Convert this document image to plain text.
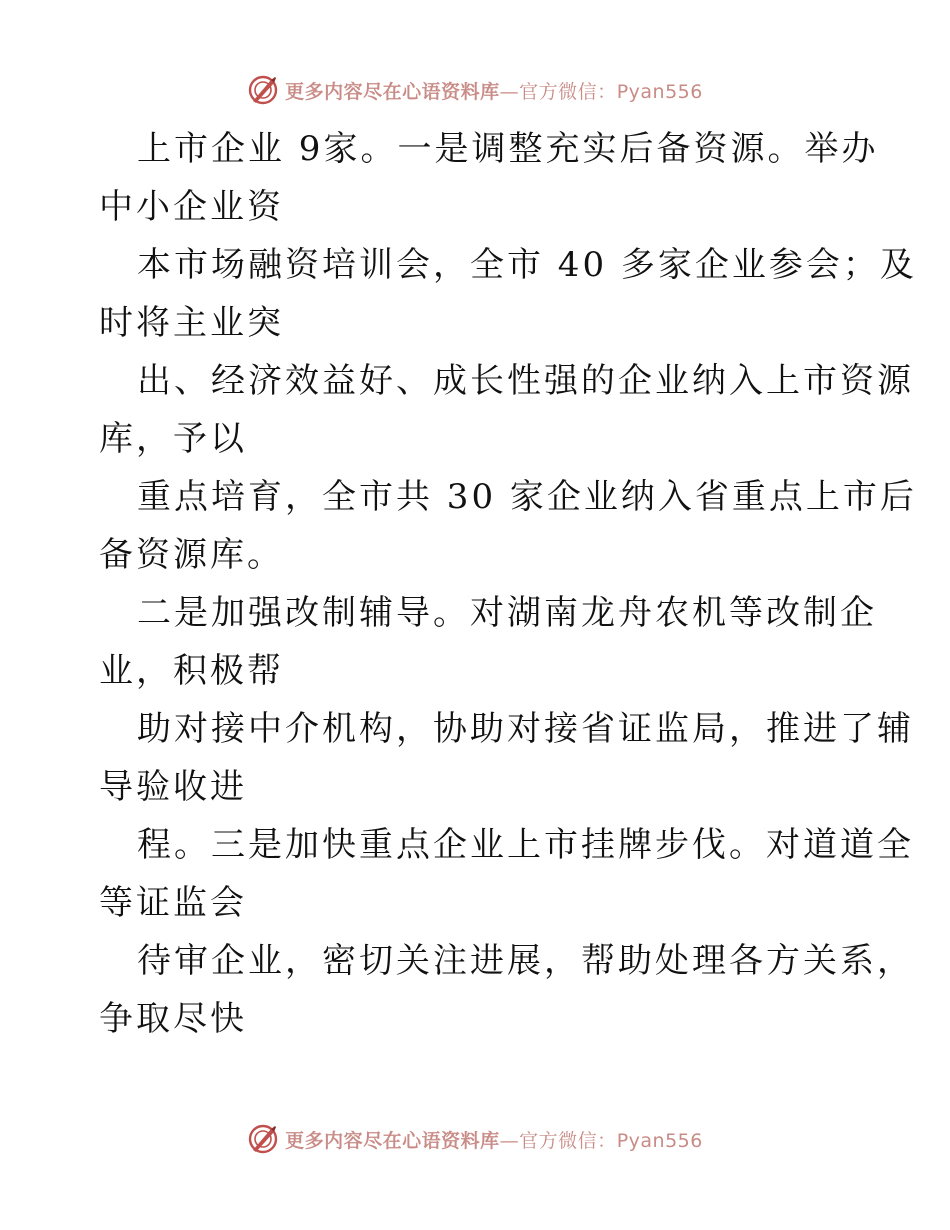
更多内容尽在心语资料库—官方微信：Pyan556
上市企业 9家。一是调整充实后备资源。举办
中小企业资
本市场融资培训会，全市 40 多家企业参会；及
时将主业突
出、经济效益好、成长性强的企业纳入上市资源
库，予以
重点培育，全市共 30 家企业纳入省重点上市后
备资源库。
二是加强改制辅导。对湖南龙舟农机等改制企
业，积极帮
助对接中介机构，协助对接省证监局，推进了辅
导验收进
程。三是加快重点企业上市挂牌步伐。对道道全
等证监会
待审企业，密切关注进展，帮助处理各方关系，
争取尽快
更多内容尽在心语资料库—官方微信：Pyan556
